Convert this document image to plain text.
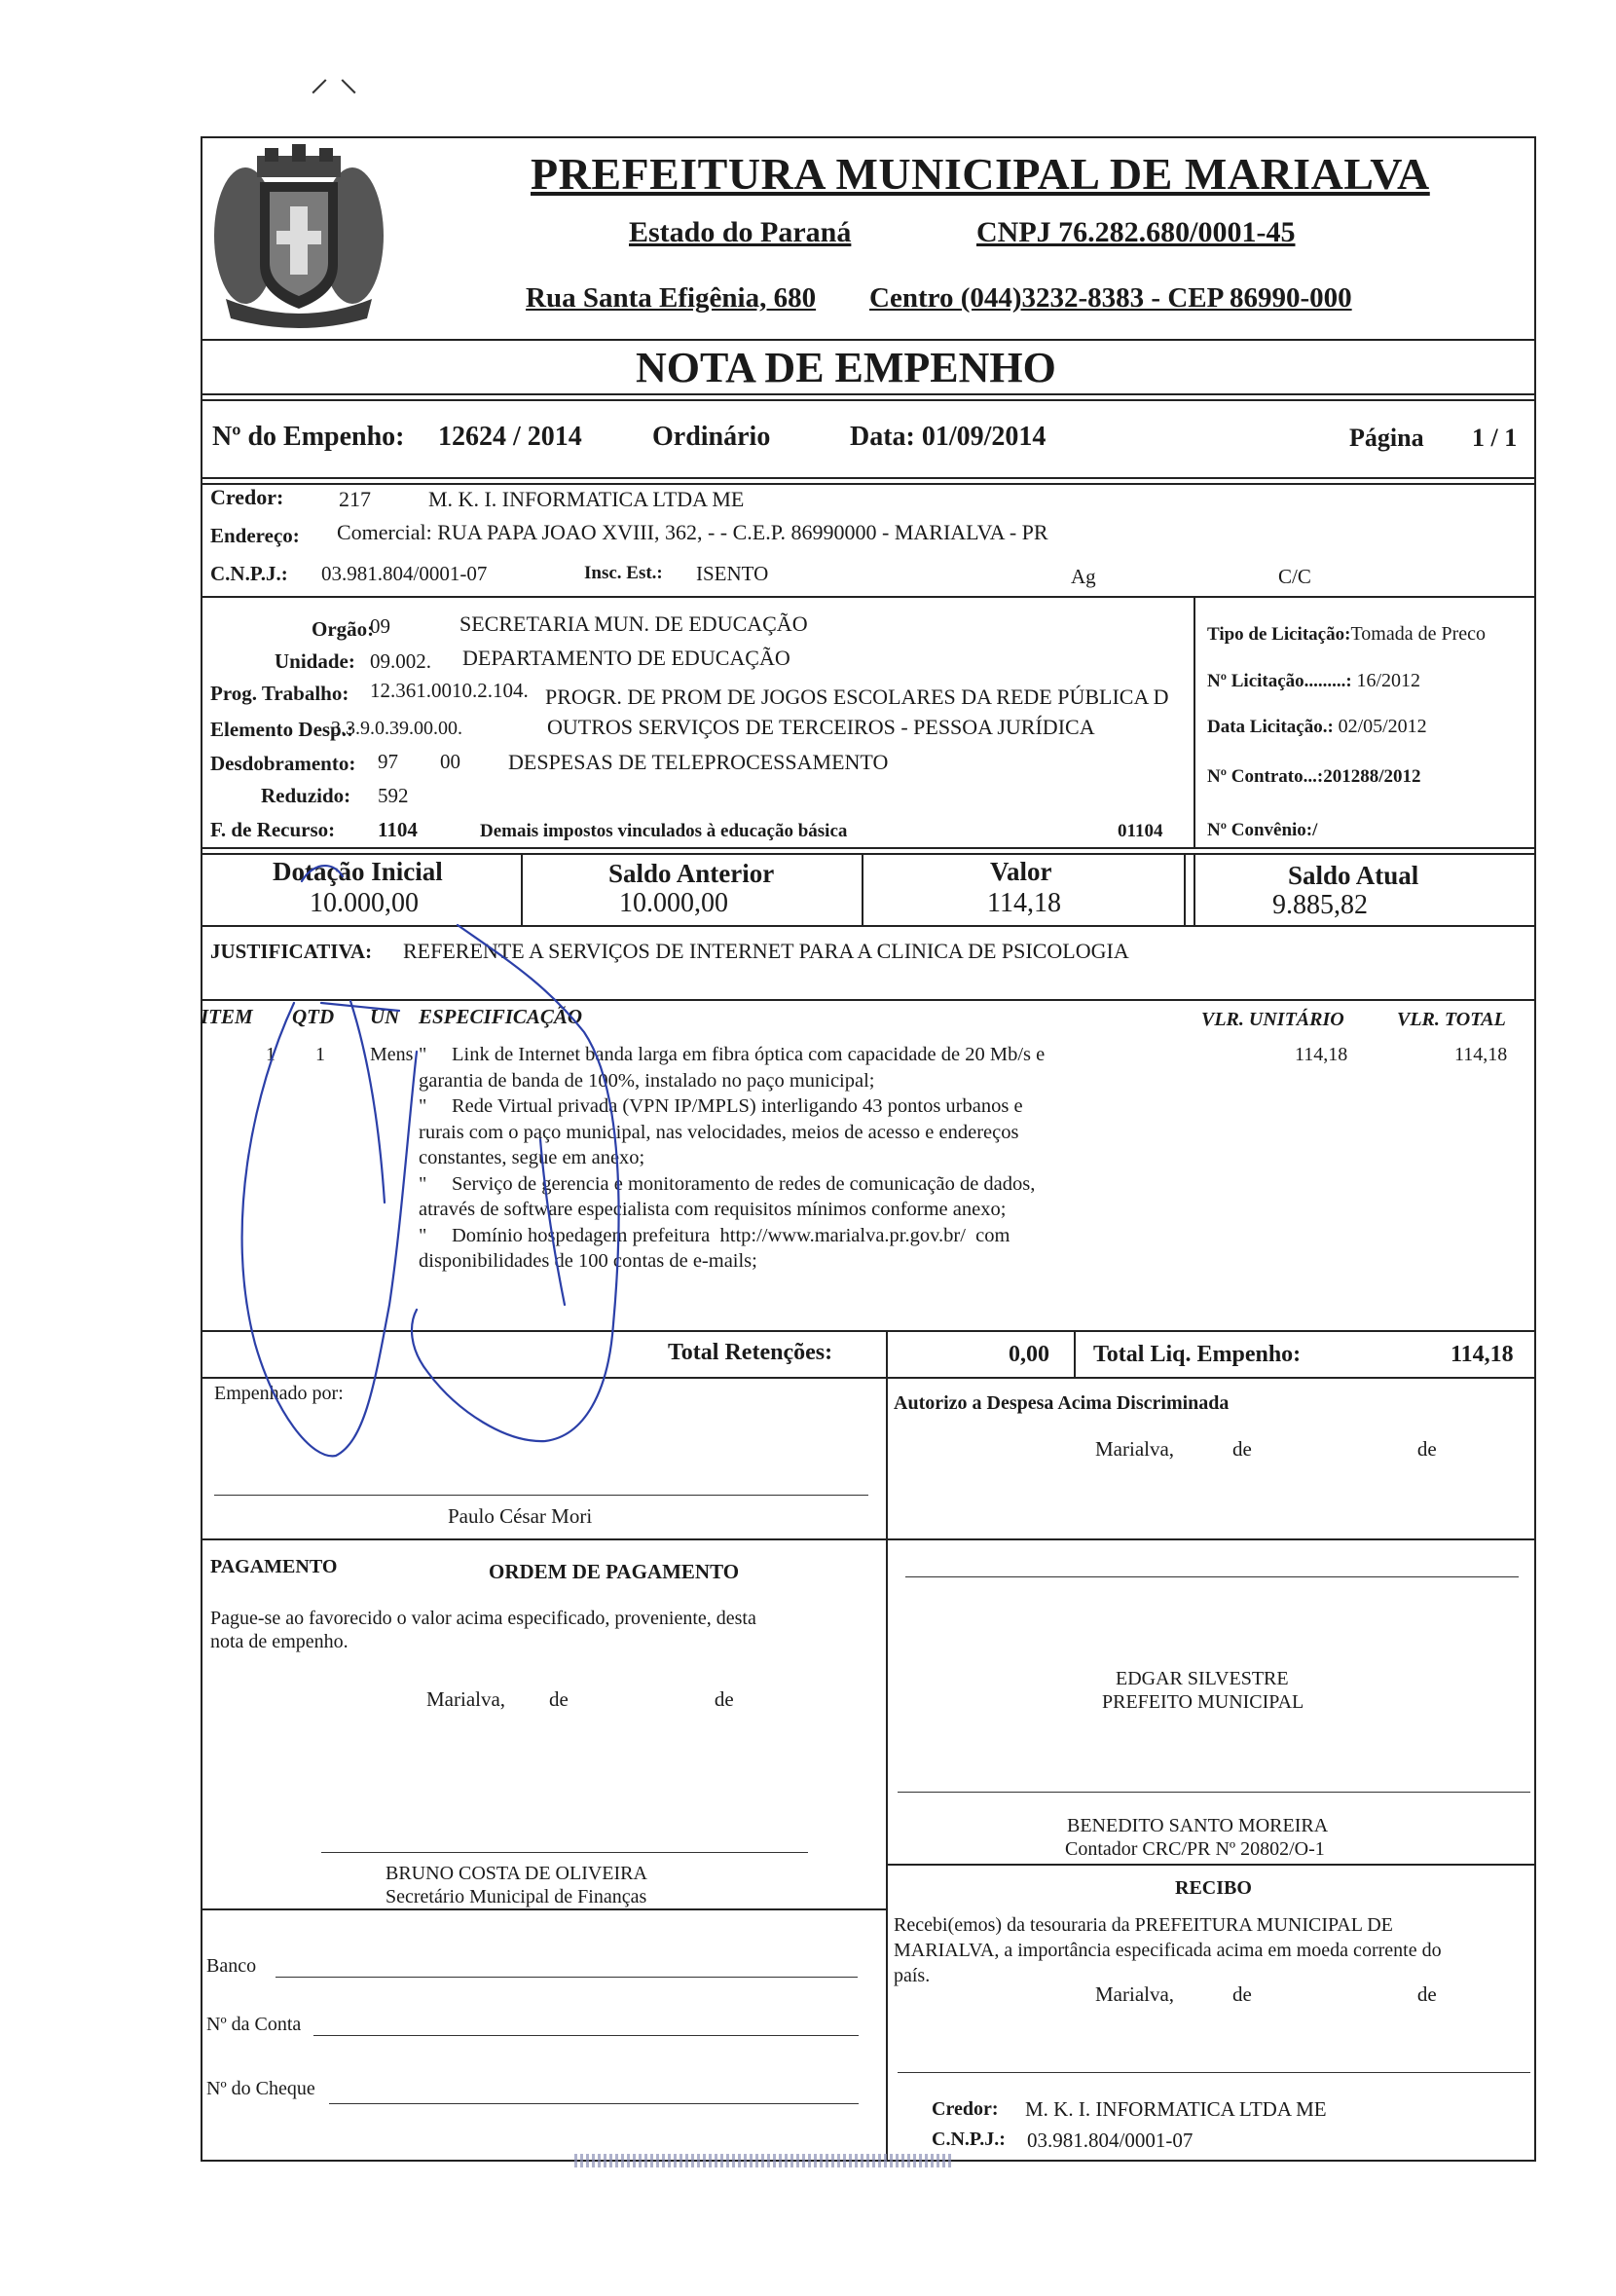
⸝ ⸜
PREFEITURA MUNICIPAL DE MARIALVA
Estado do Paraná	CNPJ 76.282.680/0001-45
Rua Santa Efigênia, 680 Centro (044)3232-8383 - CEP 86990-000
NOTA DE EMPENHO
Nº do Empenho: 12624 / 2014	Ordinário	Data: 01/09/2014	Página 1 / 1
Credor:	217	M. K. I. INFORMATICA LTDA ME
Endereço: Comercial: RUA PAPA JOAO XVIII, 362, - - C.E.P. 86990000 - MARIALVA - PR
C.N.P.J.: 03.981.804/0001-07	Insc. Est.: ISENTO	Ag	C/C
Orgão:
09	SECRETARIA MUN. DE EDUCAÇÃO
Unidade: 09.002. DEPARTAMENTO DE EDUCAÇÃO
Prog. Trabalho: 12.361.0010.2.104. PROGR. DE PROM DE JOGOS ESCOLARES DA REDE PÚBLICA D
Elemento Desp.:
3.3.9.0.39.00.00.	OUTROS SERVIÇOS DE TERCEIROS - PESSOA JURÍDICA
Desdobramento: 97 00 DESPESAS DE TELEPROCESSAMENTO
Reduzido: 592
F. de Recurso: 1104	Demais impostos vinculados à educação básica	01104
Tipo de Licitação:Tomada de Preco
Nº Licitação.........: 16/2012
Data Licitação.: 02/05/2012
Nº Contrato...:201288/2012
Nº Convênio:/
Dotação Inicial
10.000,00
Saldo Anterior
10.000,00
Valor
114,18
Saldo Atual
9.885,82
JUSTIFICATIVA: REFERENTE A SERVIÇOS DE INTERNET PARA A CLINICA DE PSICOLOGIA
ITEM QTD UN ESPECIFICAÇÃO	VLR. UNITÁRIO	VLR. TOTAL
1 1 Mens "     Link de Internet banda larga em fibra óptica com capacidade de 20 Mb/s e
garantia de banda de 100%, instalado no paço municipal;
"     Rede Virtual privada (VPN IP/MPLS) interligando 43 pontos urbanos e
rurais com o paço municipal, nas velocidades, meios de acesso e endereços
constantes, segue em anexo;
"     Serviço de gerencia e monitoramento de redes de comunicação de dados,
através de software especialista com requisitos mínimos conforme anexo;
"     Domínio hospedagem prefeitura  http://www.marialva.pr.gov.br/  com
disponibilidades de 100 contas de e-mails;
114,18	114,18
Total Retenções:	0,00 Total Liq. Empenho:	114,18
Empenhado por:	Autorizo a Despesa Acima Discriminada
Marialva,	de	de
Paulo César Mori
PAGAMENTO	ORDEM DE PAGAMENTO
Pague-se ao favorecido o valor acima especificado, proveniente, desta
nota de empenho.
EDGAR SILVESTRE
PREFEITO MUNICIPAL
Marialva, de	de
BENEDITO SANTO MOREIRA
Contador CRC/PR Nº 20802/O-1
BRUNO COSTA DE OLIVEIRA
Secretário Municipal de Finanças	RECIBO
Recebi(emos) da tesouraria da PREFEITURA MUNICIPAL DE
MARIALVA, a importância especificada acima em moeda corrente do
país.
Marialva,	de	de
Banco
Nº da Conta
Nº do Cheque
Credor: M. K. I. INFORMATICA LTDA ME
C.N.P.J.: 03.981.804/0001-07
